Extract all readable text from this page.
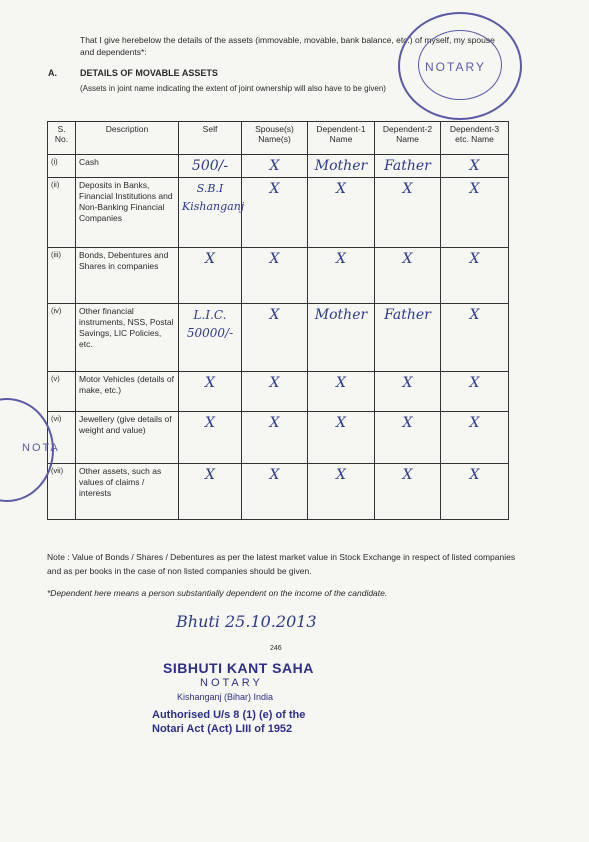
That I give herebelow the details of the assets (immovable, movable, bank balance, etc.) of myself, my spouse and dependents*:
A.	DETAILS OF MOVABLE ASSETS
(Assets in joint name indicating the extent of joint ownership will also have to be given)
S. No.	Description	Self	Spouse(s) Name(s)	Dependent-1 Name	Dependent-2 Name	Dependent-3 etc. Name
(i)	Cash	500/-	X	Mother	Father	X
(ii)	Deposits in Banks, Financial Institutions and Non-Banking Financial Companies	S.B.I Kishanganj	X	X	X	X
(iii)	Bonds, Debentures and Shares in companies	X	X	X	X	X
(iv)	Other financial instruments, NSS, Postal Savings, LIC Policies, etc.	L.I.C. 50000/-	X	Mother	Father	X
(v)	Motor Vehicles (details of make, etc.)	X	X	X	X	X
(vi)	Jewellery (give details of weight and value)	X	X	X	X	X
(vii)	Other assets, such as values of claims / interests	X	X	X	X	X
Note : Value of Bonds / Shares / Debentures as per the latest market value in Stock Exchange in respect of listed companies and as per books in the case of non listed companies should be given.
*Dependent here means a person substantially dependent on the income of the candidate.
Bhuti 25.10.2013
246
SIBHUTI KANT SAHA
NOTARY
Kishanganj (Bihar) India
Authorised U/s 8 (1) (e) of the
Notari Act (Act) LIII of 1952
NOTARY
NOTA
